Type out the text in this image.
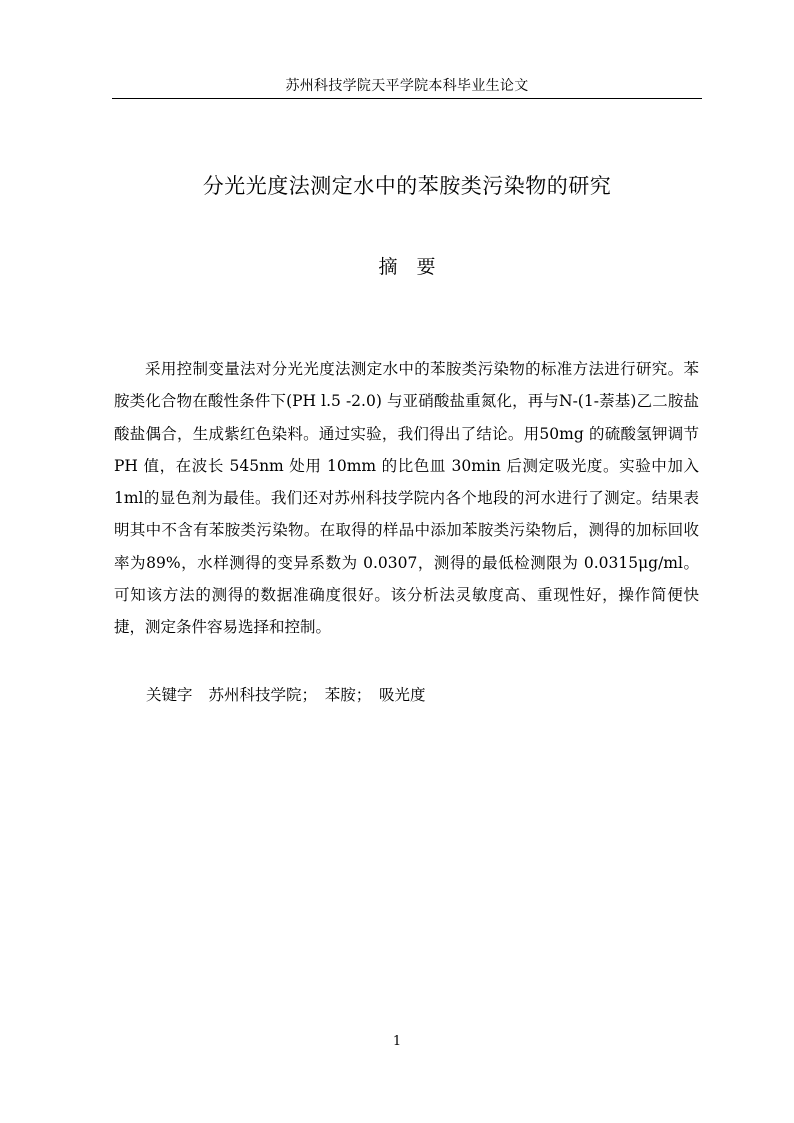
苏州科技学院天平学院本科毕业生论文
分光光度法测定水中的苯胺类污染物的研究
摘　要

采用控制变量法对分光光度法测定水中的苯胺类污染物的标准方法进行研究。苯胺类化合物在酸性条件下(PH l.5 -2.0) 与亚硝酸盐重氮化，再与N-(1-萘基)乙二胺盐酸盐偶合，生成紫红色染料。通过实验，我们得出了结论。用50mg 的硫酸氢钾调节PH 值，在波长 545nm 处用 10mm 的比色皿 30min 后测定吸光度。实验中加入 1ml的显色剂为最佳。我们还对苏州科技学院内各个地段的河水进行了测定。结果表明其中不含有苯胺类污染物。在取得的样品中添加苯胺类污染物后，测得的加标回收率为89%，水样测得的变异系数为 0.0307，测得的最低检测限为 0.0315μg/ml。可知该方法的测得的数据准确度很好。该分析法灵敏度高、重现性好，操作简便快捷，测定条件容易选择和控制。

关键字 苏州科技学院；　苯胺；　吸光度
1
